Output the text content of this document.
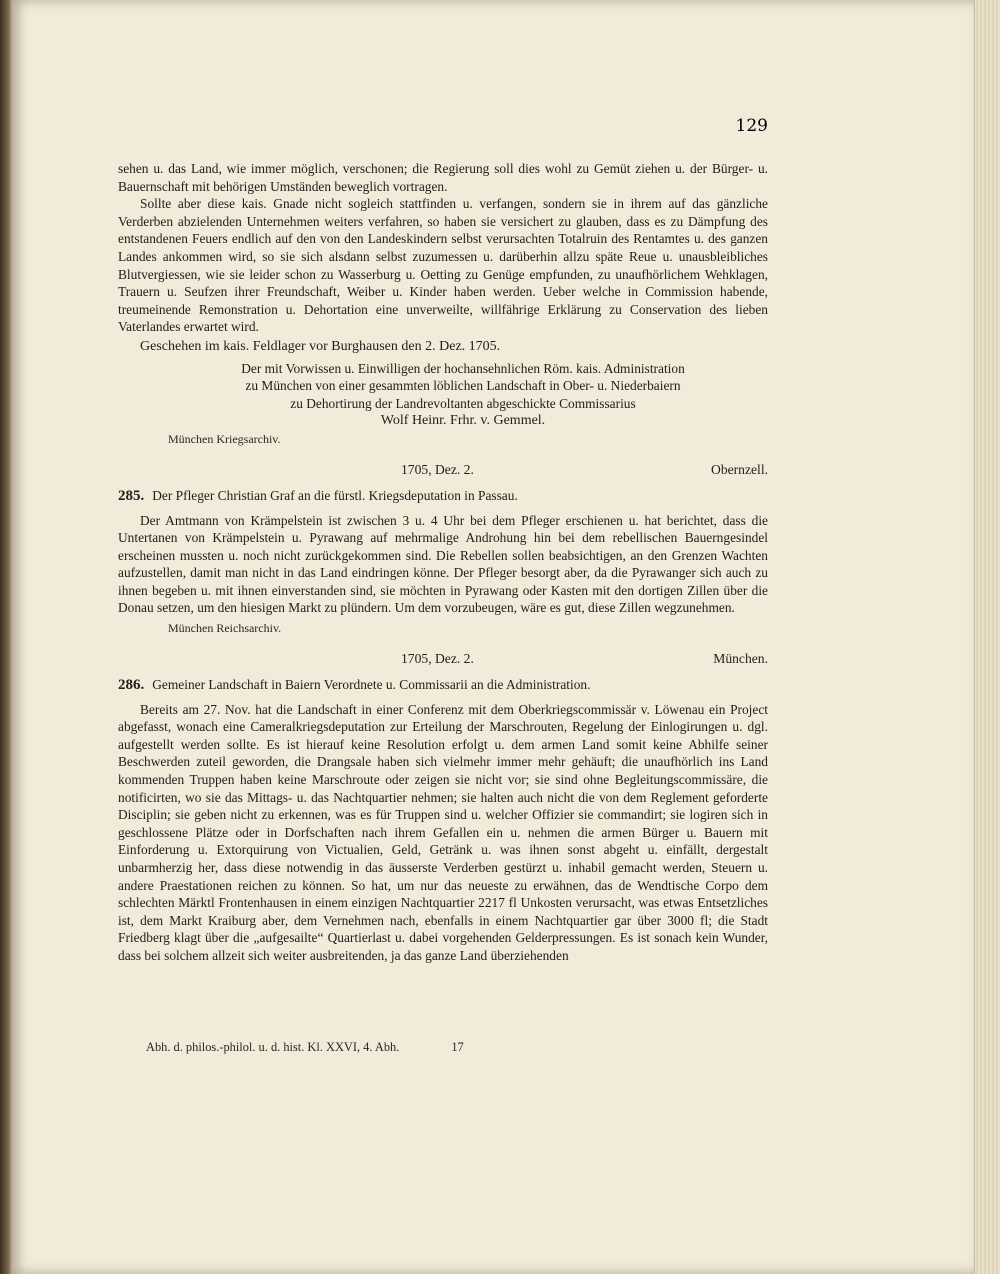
129

sehen u. das Land, wie immer möglich, verschonen; die Regierung soll dies wohl zu Gemüt ziehen u. der Bürger- u. Bauernschaft mit behörigen Umständen beweglich vortragen.

Sollte aber diese kais. Gnade nicht sogleich stattfinden u. verfangen, sondern sie in ihrem auf das gänzliche Verderben abzielenden Unternehmen weiters verfahren, so haben sie versichert zu glauben, dass es zu Dämpfung des entstandenen Feuers endlich auf den von den Landeskindern selbst verursachten Totalruin des Rentamtes u. des ganzen Landes ankommen wird, so sie sich alsdann selbst zuzumessen u. darüberhin allzu späte Reue u. unausbleibliches Blutvergiessen, wie sie leider schon zu Wasserburg u. Oetting zu Genüge empfunden, zu unaufhörlichem Wehklagen, Trauern u. Seufzen ihrer Freundschaft, Weiber u. Kinder haben werden. Ueber welche in Commission habende, treumeinende Remonstration u. Dehortation eine unverweilte, willfährige Erklärung zu Conservation des lieben Vaterlandes erwartet wird.

Geschehen im kais. Feldlager vor Burghausen den 2. Dez. 1705.

Der mit Vorwissen u. Einwilligen der hochansehnlichen Röm. kais. Administration

zu München von einer gesammten löblichen Landschaft in Ober- u. Niederbaiern

zu Dehortirung der Landrevoltanten abgeschickte Commissarius

Wolf Heinr. Frhr. v. Gemmel.

München Kriegsarchiv.

1705, Dez. 2.	Obernzell.

285. Der Pfleger Christian Graf an die fürstl. Kriegsdeputation in Passau.

Der Amtmann von Krämpelstein ist zwischen 3 u. 4 Uhr bei dem Pfleger erschienen u. hat berichtet, dass die Untertanen von Krämpelstein u. Pyrawang auf mehrmalige Androhung hin bei dem rebellischen Bauerngesindel erscheinen mussten u. noch nicht zurückgekommen sind. Die Rebellen sollen beabsichtigen, an den Grenzen Wachten aufzustellen, damit man nicht in das Land eindringen könne. Der Pfleger besorgt aber, da die Pyrawanger sich auch zu ihnen begeben u. mit ihnen einverstanden sind, sie möchten in Pyrawang oder Kasten mit den dortigen Zillen über die Donau setzen, um den hiesigen Markt zu plündern. Um dem vorzubeugen, wäre es gut, diese Zillen wegzunehmen.

München Reichsarchiv.

1705, Dez. 2.	München.

286. Gemeiner Landschaft in Baiern Verordnete u. Commissarii an die Administration.

Bereits am 27. Nov. hat die Landschaft in einer Conferenz mit dem Oberkriegscommissär v. Löwenau ein Project abgefasst, wonach eine Cameralkriegsdeputation zur Erteilung der Marschrouten, Regelung der Einlogirungen u. dgl. aufgestellt werden sollte. Es ist hierauf keine Resolution erfolgt u. dem armen Land somit keine Abhilfe seiner Beschwerden zuteil geworden, die Drangsale haben sich vielmehr immer mehr gehäuft; die unaufhörlich ins Land kommenden Truppen haben keine Marschroute oder zeigen sie nicht vor; sie sind ohne Begleitungscommissäre, die notificirten, wo sie das Mittags- u. das Nachtquartier nehmen; sie halten auch nicht die von dem Reglement geforderte Disciplin; sie geben nicht zu erkennen, was es für Truppen sind u. welcher Offizier sie commandirt; sie logiren sich in geschlossene Plätze oder in Dorfschaften nach ihrem Gefallen ein u. nehmen die armen Bürger u. Bauern mit Einforderung u. Extorquirung von Victualien, Geld, Getränk u. was ihnen sonst abgeht u. einfällt, dergestalt unbarmherzig her, dass diese notwendig in das äusserste Verderben gestürzt u. inhabil gemacht werden, Steuern u. andere Praestationen reichen zu können. So hat, um nur das neueste zu erwähnen, das de Wendtische Corpo dem schlechten Märktl Frontenhausen in einem einzigen Nachtquartier 2217 fl Unkosten verursacht, was etwas Entsetzliches ist, dem Markt Kraiburg aber, dem Vernehmen nach, ebenfalls in einem Nachtquartier gar über 3000 fl; die Stadt Friedberg klagt über die „aufgesailte“ Quartierlast u. dabei vorgehenden Gelderpressungen. Es ist sonach kein Wunder, dass bei solchem allzeit sich weiter ausbreitenden, ja das ganze Land überziehenden

Abh. d. philos.-philol. u. d. hist. Kl. XXVI, 4. Abh.	17
